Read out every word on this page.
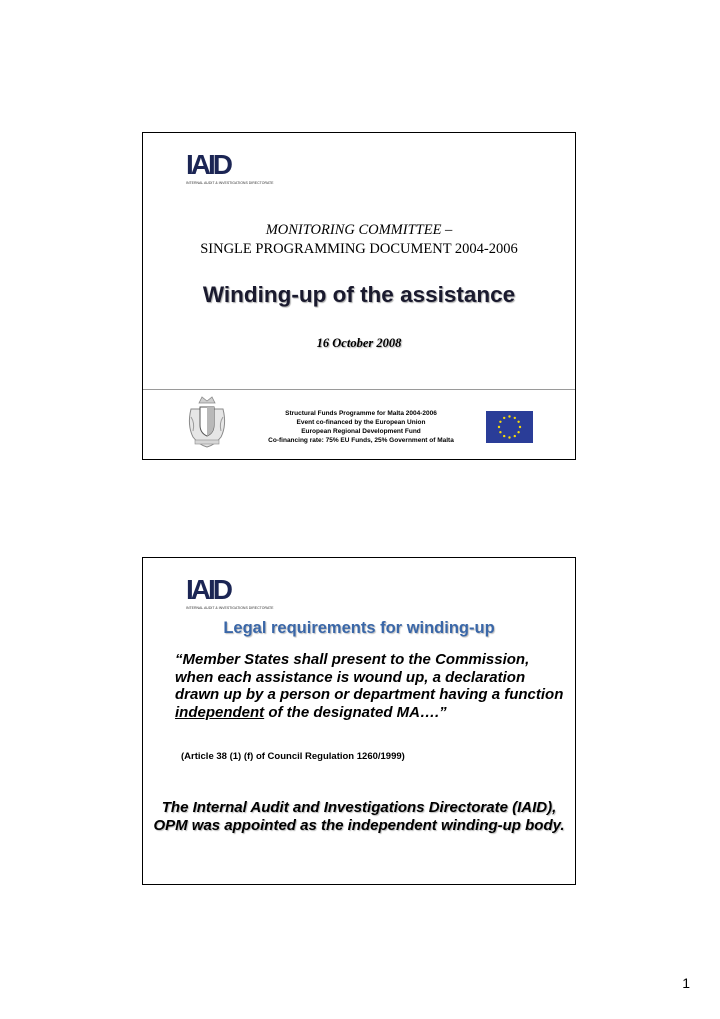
IAID
INTERNAL AUDIT & INVESTIGATIONS DIRECTORATE
MONITORING COMMITTEE –
SINGLE PROGRAMMING DOCUMENT 2004-2006
Winding-up of the assistance
16 October 2008
Structural Funds Programme for Malta 2004-2006
Event co-financed by the European Union
European Regional Development Fund
Co-financing rate: 75% EU Funds, 25% Government of Malta
IAID
INTERNAL AUDIT & INVESTIGATIONS DIRECTORATE
Legal requirements for winding-up
“Member States shall present to the Commission, when each assistance is wound up, a declaration drawn up by a person or department having a function independent of the designated MA….”
(Article 38 (1) (f) of Council Regulation 1260/1999)
The Internal Audit and Investigations Directorate (IAID), OPM was appointed as the independent winding-up body.
1
